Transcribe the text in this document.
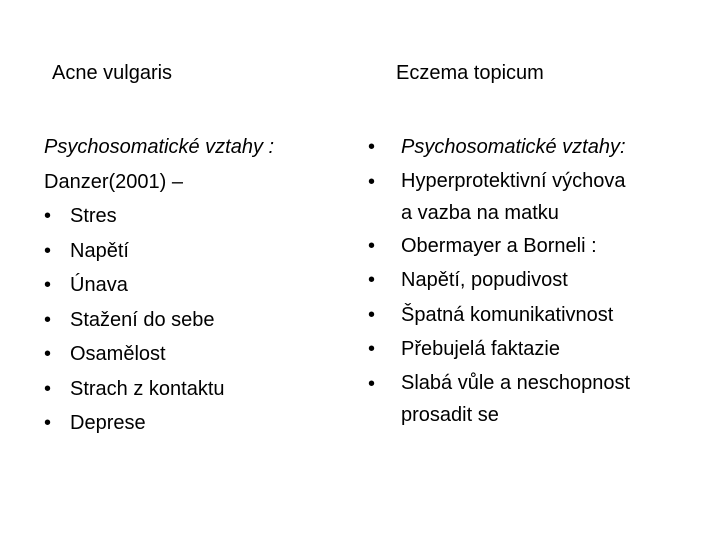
Acne vulgaris
Psychosomatické vztahy :
Danzer(2001) –
• Stres
• Napětí
• Únava
• Stažení do sebe
• Osamělost
• Strach z kontaktu
• Deprese
Eczema topicum
•	Psychosomatické vztahy:
•	Hyperprotektivní výchova
a vazba na matku
•	Obermayer a Borneli :
•	Napětí, popudivost
•	Špatná komunikativnost
•	Přebujelá faktazie
•	Slabá vůle a neschopnost
prosadit se
